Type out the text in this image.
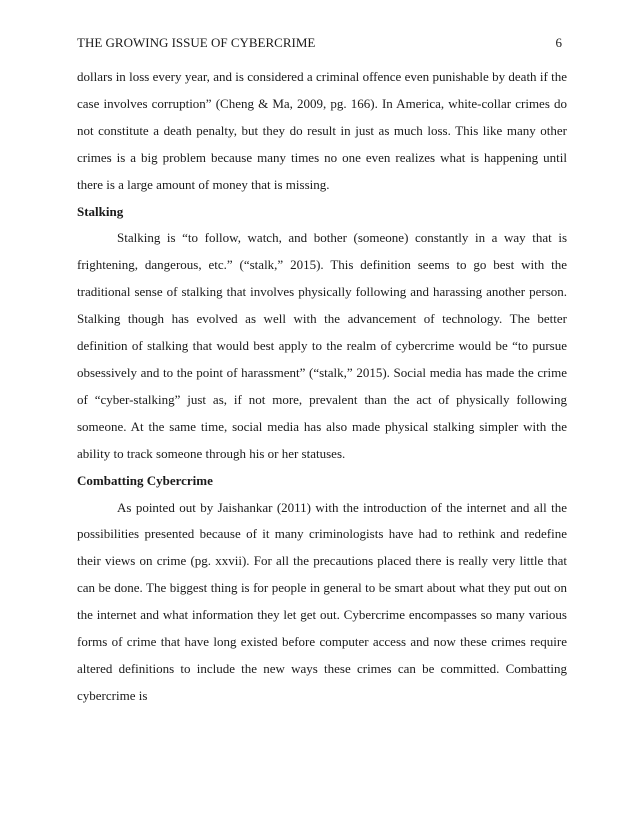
THE GROWING ISSUE OF CYBERCRIME	6

dollars in loss every year, and is considered a criminal offence even punishable by death if the case involves corruption” (Cheng & Ma, 2009, pg. 166). In America, white-collar crimes do not constitute a death penalty, but they do result in just as much loss. This like many other crimes is a big problem because many times no one even realizes what is happening until there is a large amount of money that is missing.

Stalking

Stalking is “to follow, watch, and bother (someone) constantly in a way that is frightening, dangerous, etc.” (“stalk,” 2015). This definition seems to go best with the traditional sense of stalking that involves physically following and harassing another person. Stalking though has evolved as well with the advancement of technology. The better definition of stalking that would best apply to the realm of cybercrime would be “to pursue obsessively and to the point of harassment” (“stalk,” 2015). Social media has made the crime of “cyber-stalking” just as, if not more, prevalent than the act of physically following someone. At the same time, social media has also made physical stalking simpler with the ability to track someone through his or her statuses.

Combatting Cybercrime

As pointed out by Jaishankar (2011) with the introduction of the internet and all the possibilities presented because of it many criminologists have had to rethink and redefine their views on crime (pg. xxvii). For all the precautions placed there is really very little that can be done. The biggest thing is for people in general to be smart about what they put out on the internet and what information they let get out. Cybercrime encompasses so many various forms of crime that have long existed before computer access and now these crimes require altered definitions to include the new ways these crimes can be committed. Combatting cybercrime is
